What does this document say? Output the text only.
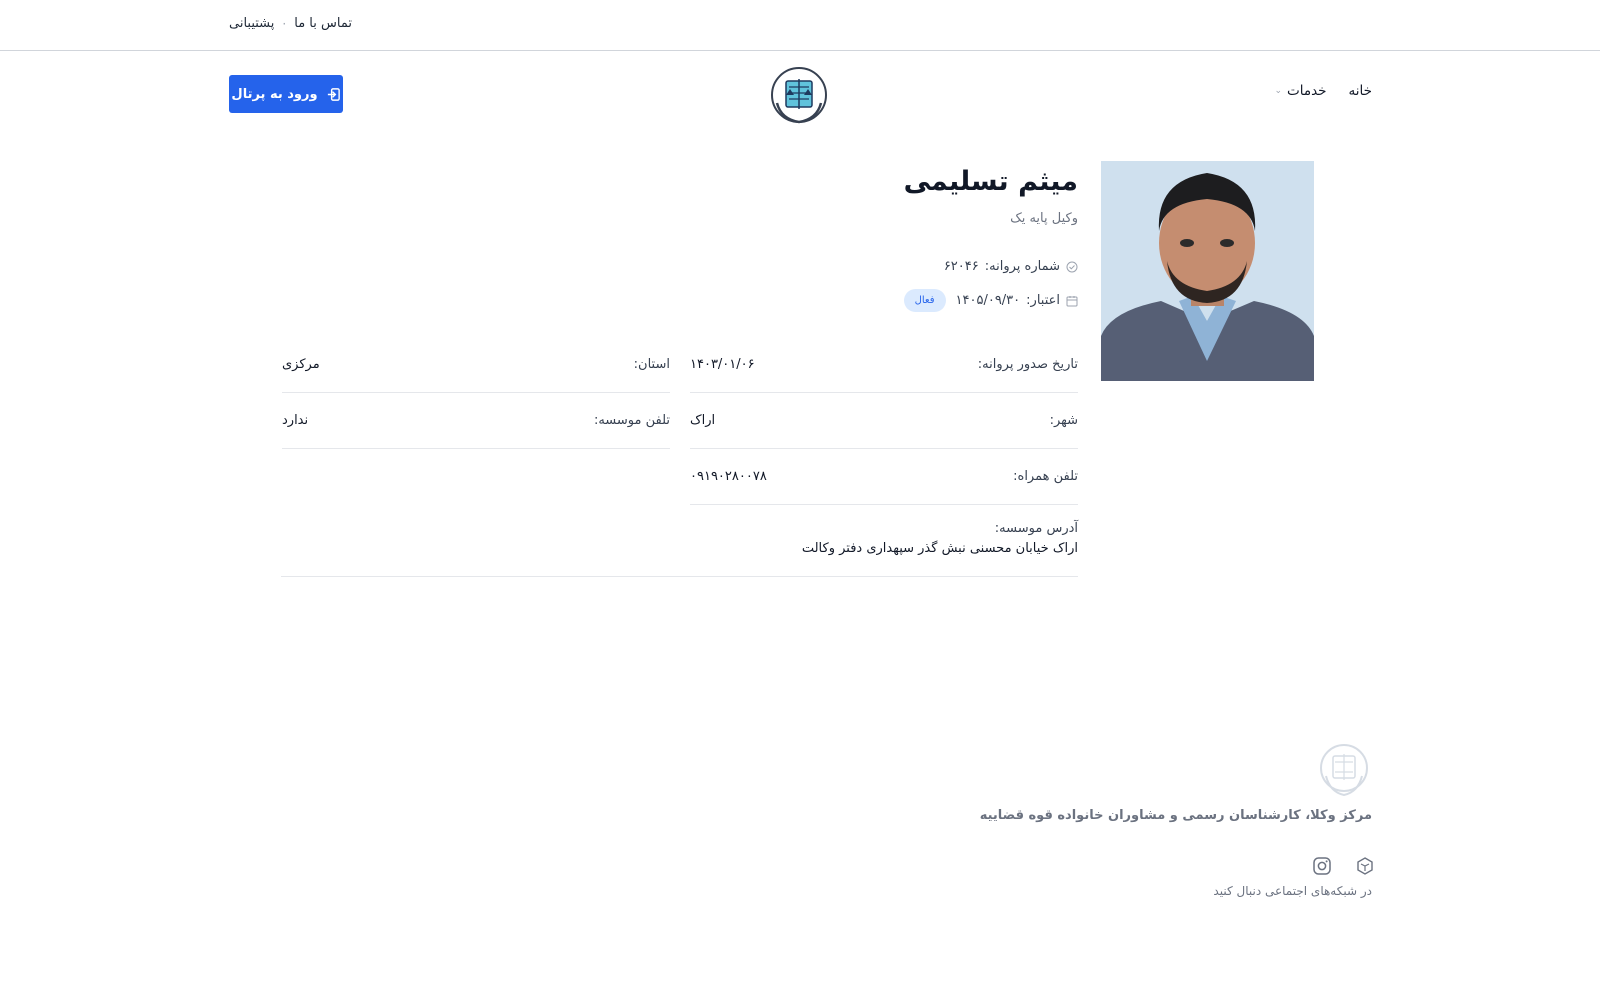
پشتیبانی · تماس با ما
خانه
خدمات
⌄
ورود به پرتال
میثم تسلیمی
وکیل پایه یک
شماره پروانه:
۶۲۰۴۶
اعتبار:
۱۴۰۵/۰۹/۳۰
فعال
تاریخ صدور پروانه:
۱۴۰۳/۰۱/۰۶
استان:
مرکزی
شهر:
اراک
تلفن موسسه:
ندارد
تلفن همراه:
۰۹۱۹۰۲۸۰۰۷۸
آدرس موسسه:
اراک خیابان محسنی نبش گذر سپهداری دفتر وکالت
مرکز وکلا، کارشناسان رسمی و مشاوران خانواده قوه قضاییه
در شبکه‌های اجتماعی دنبال کنید
